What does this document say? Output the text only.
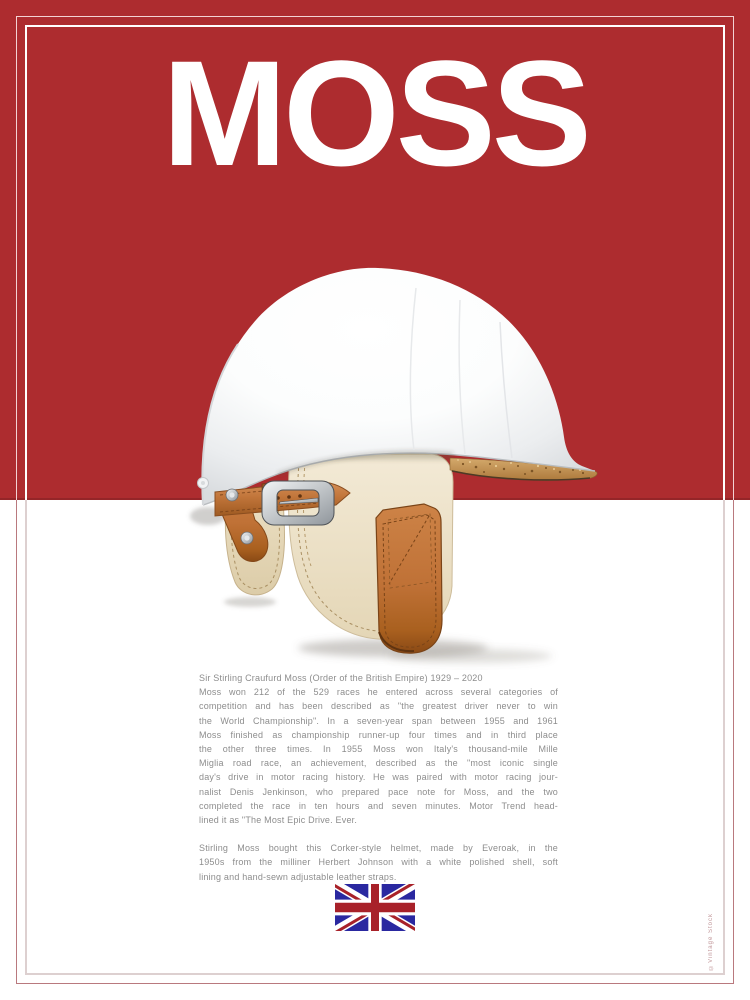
MOSS
Sir Stirling Craufurd Moss (Order of the British Empire) 1929 – 2020
Moss won 212 of the 529 races he entered across several categories of
competition and has been described as "the greatest driver never to win
the World Championship". In a seven-year span between 1955 and 1961
Moss finished as championship runner-up four times and in third place
the other three times. In 1955 Moss won Italy's thousand-mile Mille
Miglia road race, an achievement, described as the "most iconic single
day's drive in motor racing history. He was paired with motor racing jour-
nalist Denis Jenkinson, who prepared pace note for Moss, and the two
completed the race in ten hours and seven minutes. Motor Trend head-
lined it as "The Most Epic Drive. Ever.
Stirling Moss bought this Corker-style helmet, made by Everoak, in the
1950s from the milliner Herbert Johnson with a white polished shell, soft
lining and hand-sewn adjustable leather straps.
©Vintage Stock
